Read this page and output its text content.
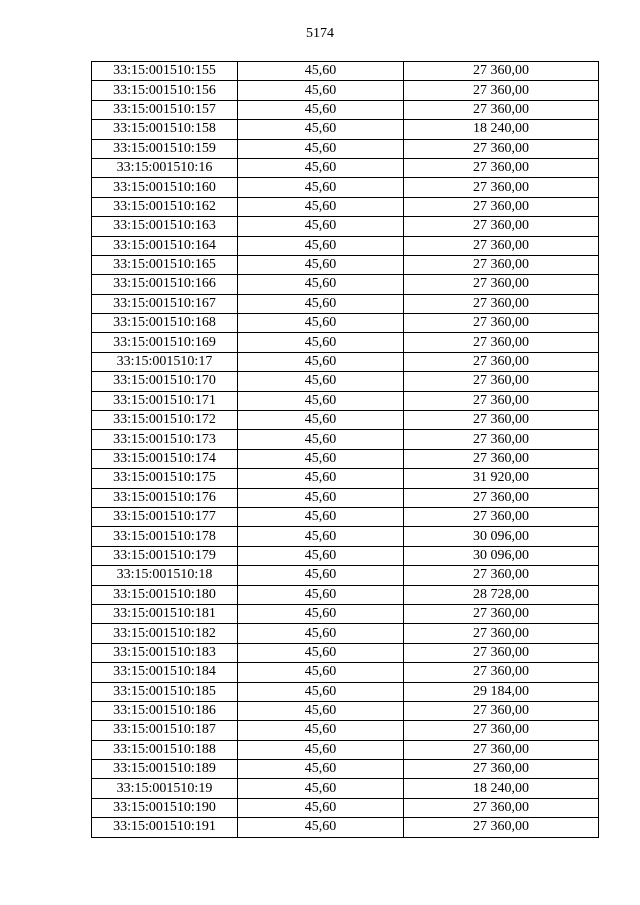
5174
33:15:001510:155	45,60	27 360,00
33:15:001510:156	45,60	27 360,00
33:15:001510:157	45,60	27 360,00
33:15:001510:158	45,60	18 240,00
33:15:001510:159	45,60	27 360,00
33:15:001510:16	45,60	27 360,00
33:15:001510:160	45,60	27 360,00
33:15:001510:162	45,60	27 360,00
33:15:001510:163	45,60	27 360,00
33:15:001510:164	45,60	27 360,00
33:15:001510:165	45,60	27 360,00
33:15:001510:166	45,60	27 360,00
33:15:001510:167	45,60	27 360,00
33:15:001510:168	45,60	27 360,00
33:15:001510:169	45,60	27 360,00
33:15:001510:17	45,60	27 360,00
33:15:001510:170	45,60	27 360,00
33:15:001510:171	45,60	27 360,00
33:15:001510:172	45,60	27 360,00
33:15:001510:173	45,60	27 360,00
33:15:001510:174	45,60	27 360,00
33:15:001510:175	45,60	31 920,00
33:15:001510:176	45,60	27 360,00
33:15:001510:177	45,60	27 360,00
33:15:001510:178	45,60	30 096,00
33:15:001510:179	45,60	30 096,00
33:15:001510:18	45,60	27 360,00
33:15:001510:180	45,60	28 728,00
33:15:001510:181	45,60	27 360,00
33:15:001510:182	45,60	27 360,00
33:15:001510:183	45,60	27 360,00
33:15:001510:184	45,60	27 360,00
33:15:001510:185	45,60	29 184,00
33:15:001510:186	45,60	27 360,00
33:15:001510:187	45,60	27 360,00
33:15:001510:188	45,60	27 360,00
33:15:001510:189	45,60	27 360,00
33:15:001510:19	45,60	18 240,00
33:15:001510:190	45,60	27 360,00
33:15:001510:191	45,60	27 360,00
